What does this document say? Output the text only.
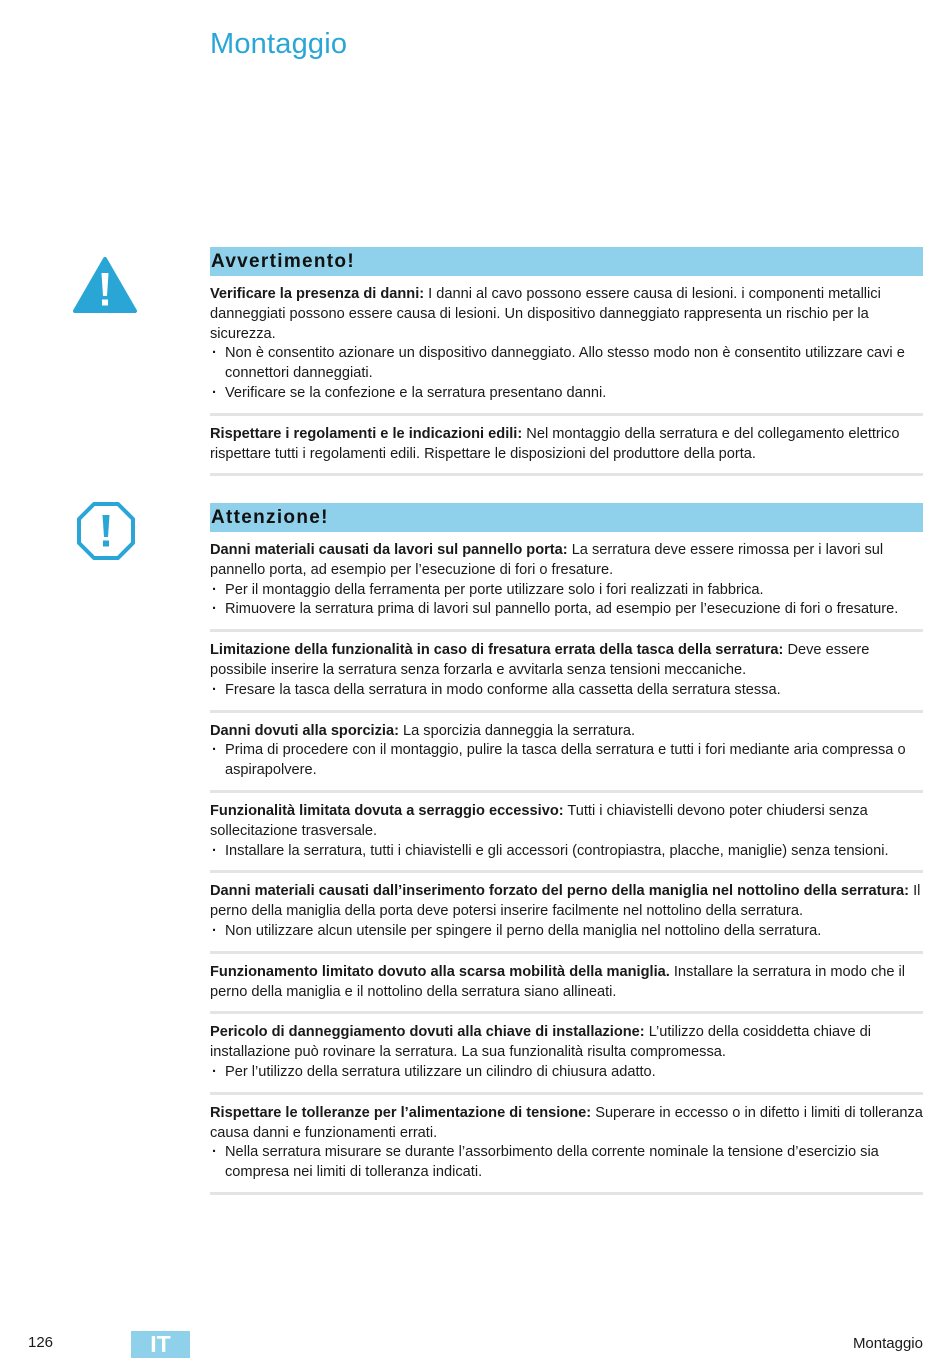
Montaggio
Avvertimento!

Verificare la presenza di danni: I danni al cavo possono essere causa di lesioni. i componenti metallici danneggiati possono essere causa di lesioni. Un dispositivo danneggiato rappresenta un rischio per la sicurezza.

· Non è consentito azionare un dispositivo danneggiato. Allo stesso modo non è consentito utilizzare cavi e connettori danneggiati.

· Verificare se la confezione e la serratura presentano danni.

Rispettare i regolamenti e le indicazioni edili: Nel montaggio della serratura e del collegamento elettrico rispettare tutti i regolamenti edili. Rispettare le disposizioni del produttore della porta.

Attenzione!

Danni materiali causati da lavori sul pannello porta: La serratura deve essere rimossa per i lavori sul pannello porta, ad esempio per l’esecuzione di fori o fresature.

· Per il montaggio della ferramenta per porte utilizzare solo i fori realizzati in fabbrica.

· Rimuovere la serratura prima di lavori sul pannello porta, ad esempio per l’esecuzione di fori o fresature.

Limitazione della funzionalità in caso di fresatura errata della tasca della serratura: Deve essere possibile inserire la serratura senza forzarla e avvitarla senza tensioni meccaniche.

· Fresare la tasca della serratura in modo conforme alla cassetta della serratura stessa.

Danni dovuti alla sporcizia: La sporcizia danneggia la serratura.

· Prima di procedere con il montaggio, pulire la tasca della serratura e tutti i fori mediante aria compressa o aspirapolvere.

Funzionalità limitata dovuta a serraggio eccessivo: Tutti i chiavistelli devono poter chiudersi senza sollecitazione trasversale.

· Installare la serratura, tutti i chiavistelli e gli accessori (contropiastra, placche, maniglie) senza tensioni.

Danni materiali causati dall’inserimento forzato del perno della maniglia nel nottolino della serratura: Il perno della maniglia della porta deve potersi inserire facilmente nel nottolino della serratura.

· Non utilizzare alcun utensile per spingere il perno della maniglia nel nottolino della serratura.

Funzionamento limitato dovuto alla scarsa mobilità della maniglia. Installare la serratura in modo che il perno della maniglia e il nottolino della serratura siano allineati.

Pericolo di danneggiamento dovuti alla chiave di installazione: L’utilizzo della cosiddetta chiave di installazione può rovinare la serratura. La sua funzionalità risulta compromessa.

· Per l’utilizzo della serratura utilizzare un cilindro di chiusura adatto.

Rispettare le tolleranze per l’alimentazione di tensione: Superare in eccesso o in difetto i limiti di tolleranza causa danni e funzionamenti errati.

· Nella serratura misurare se durante l’assorbimento della corrente nominale la tensione d’esercizio sia compresa nei limiti di tolleranza indicati.

126	IT	Montaggio
